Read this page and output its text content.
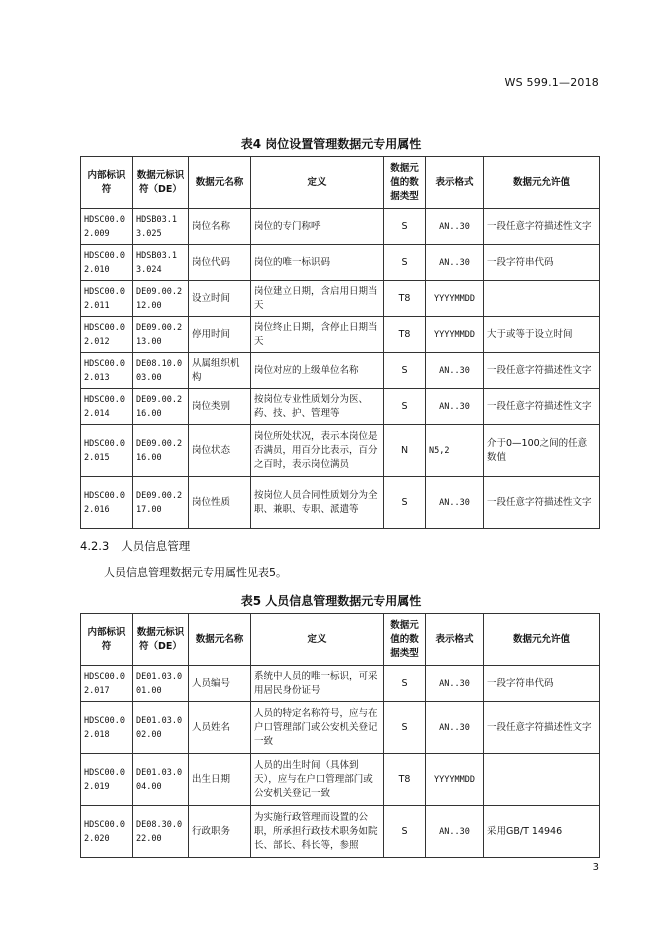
WS 599.1—2018
表4 岗位设置管理数据元专用属性
内部标识符	数据元标识符（DE）	数据元名称	定义	数据元值的数据类型	表示格式	数据元允许值
HDSC00.02.009	HDSB03.13.025	岗位名称	岗位的专门称呼	S	AN..30	一段任意字符描述性文字
HDSC00.02.010	HDSB03.13.024	岗位代码	岗位的唯一标识码	S	AN..30	一段字符串代码
HDSC00.02.011	DE09.00.212.00	设立时间	岗位建立日期，含启用日期当天	T8	YYYYMMDD	
HDSC00.02.012	DE09.00.213.00	停用时间	岗位终止日期，含停止日期当天	T8	YYYYMMDD	大于或等于设立时间
HDSC00.02.013	DE08.10.003.00	从属组织机构	岗位对应的上级单位名称	S	AN..30	一段任意字符描述性文字
HDSC00.02.014	DE09.00.216.00	岗位类别	按岗位专业性质划分为医、药、技、护、管理等	S	AN..30	一段任意字符描述性文字
HDSC00.02.015	DE09.00.216.00	岗位状态	岗位所处状况，表示本岗位是否满员，用百分比表示，百分之百时，表示岗位满员	N	N5,2	介于0—100之间的任意数值
HDSC00.02.016	DE09.00.217.00	岗位性质	按岗位人员合同性质划分为全职、兼职、专职、派遣等	S	AN..30	一段任意字符描述性文字
4.2.3 人员信息管理
人员信息管理数据元专用属性见表5。
表5 人员信息管理数据元专用属性
内部标识符	数据元标识符（DE）	数据元名称	定义	数据元值的数据类型	表示格式	数据元允许值
HDSC00.02.017	DE01.03.001.00	人员编号	系统中人员的唯一标识，可采用居民身份证号	S	AN..30	一段字符串代码
HDSC00.02.018	DE01.03.002.00	人员姓名	人员的特定名称符号，应与在户口管理部门或公安机关登记一致	S	AN..30	一段任意字符描述性文字
HDSC00.02.019	DE01.03.004.00	出生日期	人员的出生时间（具体到天），应与在户口管理部门或公安机关登记一致	T8	YYYYMMDD	
HDSC00.02.020	DE08.30.022.00	行政职务	为实施行政管理而设置的公职，所承担行政技术职务如院长、部长、科长等，参照	S	AN..30	采用GB/T 14946
3
